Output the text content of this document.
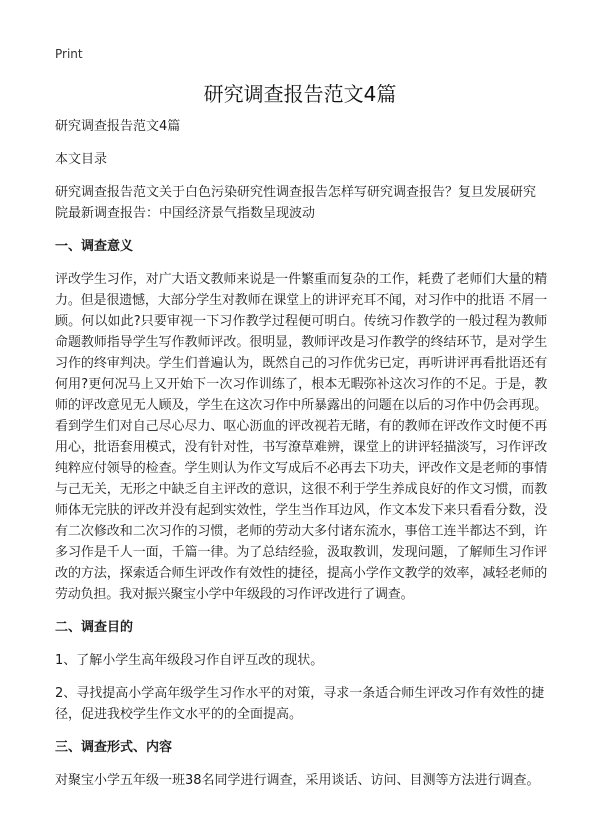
Print
研究调查报告范文4篇

研究调查报告范文4篇

本文目录

研究调查报告范文关于白色污染研究性调查报告怎样写研究调查报告？复旦发展研究院最新调查报告：中国经济景气指数呈现波动

一、调查意义

评改学生习作，对广大语文教师来说是一件繁重而复杂的工作，耗费了老师们大量的精力。但是很遗憾，大部分学生对教师在课堂上的讲评充耳不闻，对习作中的批语 不屑一顾。何以如此?只要审视一下习作教学过程便可明白。传统习作教学的一般过程为教师命题教师指导学生写作教师评改。很明显，教师评改是习作教学的终结环节，是对学生习作的终审判决。学生们普遍认为，既然自己的习作优劣已定，再听讲评再看批语还有何用?更何况马上又开始下一次习作训练了，根本无暇弥补这次习作的不足。于是，教师的评改意见无人顾及，学生在这次习作中所暴露出的问题在以后的习作中仍会再现。看到学生们对自己尽心尽力、呕心沥血的评改视若无睹，有的教师在评改作文时便不再用心，批语套用模式，没有针对性，书写潦草难辨，课堂上的讲评轻描淡写，习作评改纯粹应付领导的检查。学生则认为作文写成后不必再去下功夫，评改作文是老师的事情与己无关，无形之中缺乏自主评改的意识，这很不利于学生养成良好的作文习惯，而教师体无完肤的评改并没有起到实效性，学生当作耳边风，作文本发下来只看看分数，没有二次修改和二次习作的习惯，老师的劳动大多付诸东流水，事倍工连半都达不到，许多习作是千人一面，千篇一律。为了总结经验，汲取教训，发现问题，了解师生习作评改的方法，探索适合师生评改作有效性的捷径，提高小学作文教学的效率，减轻老师的劳动负担。我对振兴聚宝小学中年级段的习作评改进行了调查。

二、调查目的

1、了解小学生高年级段习作自评互改的现状。

2、寻找提高小学高年级学生习作水平的对策，寻求一条适合师生评改习作有效性的捷径，促进我校学生作文水平的的全面提高。

三、调查形式、内容

对聚宝小学五年级一班38名同学进行调查，采用谈话、访问、目测等方法进行调查。
